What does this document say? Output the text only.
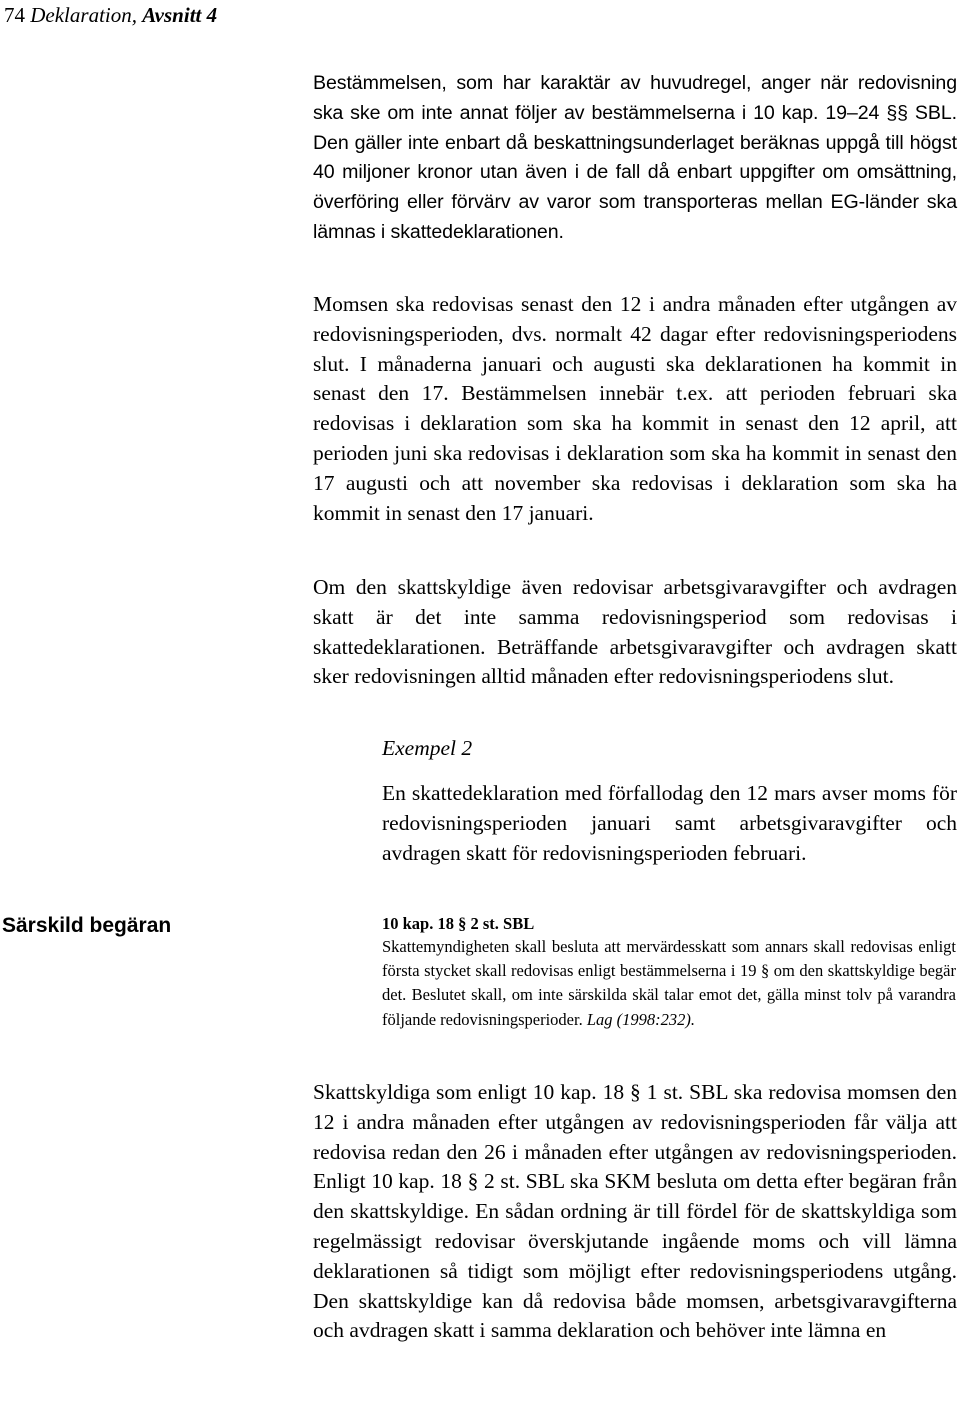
74 Deklaration, Avsnitt 4

Bestämmelsen, som har karaktär av huvudregel, anger när redovisning ska ske om inte annat följer av bestämmelserna i 10 kap. 19–24 §§ SBL. Den gäller inte enbart då beskattningsunderlaget beräknas uppgå till högst 40 miljoner kronor utan även i de fall då enbart uppgifter om omsättning, överföring eller förvärv av varor som transporteras mellan EG-länder ska lämnas i skattedeklarationen.

Momsen ska redovisas senast den 12 i andra månaden efter utgången av redovisningsperioden, dvs. normalt 42 dagar efter redovisningsperiodens slut. I månaderna januari och augusti ska deklarationen ha kommit in senast den 17. Bestämmelsen innebär t.ex. att perioden februari ska redovisas i deklaration som ska ha kommit in senast den 12 april, att perioden juni ska redovisas i deklaration som ska ha kommit in senast den 17 augusti och att november ska redovisas i deklaration som ska ha kommit in senast den 17 januari.

Om den skattskyldige även redovisar arbetsgivaravgifter och avdragen skatt är det inte samma redovisningsperiod som redovisas i skattedeklarationen. Beträffande arbetsgivaravgifter och avdragen skatt sker redovisningen alltid månaden efter redovisningsperiodens slut.

Exempel 2

En skattedeklaration med förfallodag den 12 mars avser moms för redovisningsperioden januari samt arbetsgivaravgifter och avdragen skatt för redovisningsperioden februari.

Särskild begäran	10 kap. 18 § 2 st. SBL

Skattemyndigheten skall besluta att mervärdesskatt som annars skall redovisas enligt första stycket skall redovisas enligt bestämmelserna i 19 § om den skattskyldige begär det. Beslutet skall, om inte särskilda skäl talar emot det, gälla minst tolv på varandra följande redovisningsperioder. Lag (1998:232).

Skattskyldiga som enligt 10 kap. 18 § 1 st. SBL ska redovisa momsen den 12 i andra månaden efter utgången av redovisningsperioden får välja att redovisa redan den 26 i månaden efter utgången av redovisningsperioden. Enligt 10 kap. 18 § 2 st. SBL ska SKM besluta om detta efter begäran från den skattskyldige. En sådan ordning är till fördel för de skattskyldiga som regelmässigt redovisar överskjutande ingående moms och vill lämna deklarationen så tidigt som möjligt efter redovisningsperiodens utgång. Den skattskyldige kan då redovisa både momsen, arbetsgivaravgifterna och avdragen skatt i samma deklaration och behöver inte lämna en
